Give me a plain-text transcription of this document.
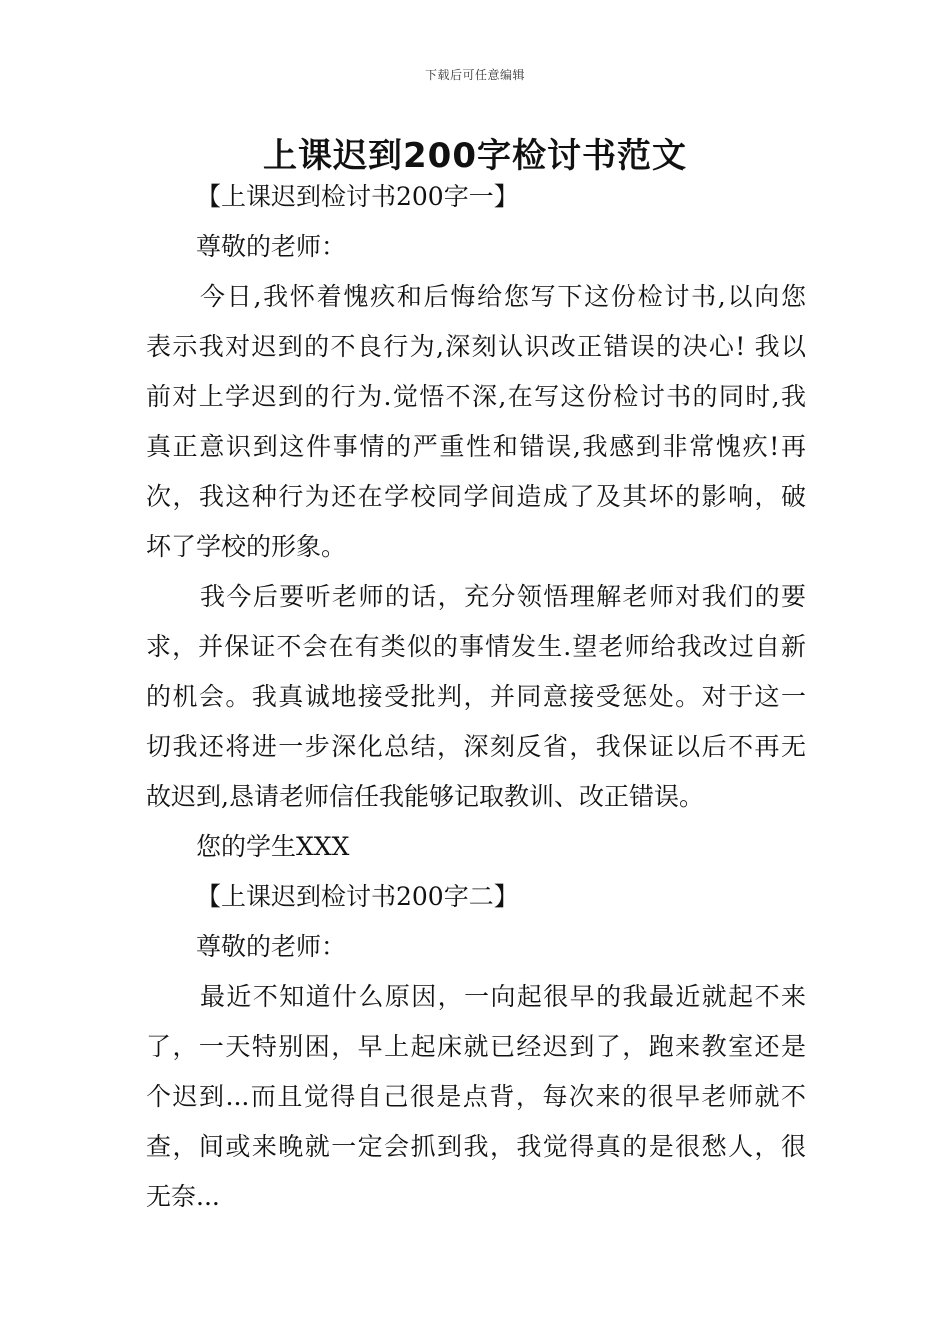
下载后可任意编辑
上课迟到200字检讨书范文
【上课迟到检讨书200字一】
尊敬的老师：
今日,我怀着愧疚和后悔给您写下这份检讨书,以向您
表示我对迟到的不良行为,深刻认识改正错误的决心! 我以
前对上学迟到的行为.觉悟不深,在写这份检讨书的同时,我
真正意识到这件事情的严重性和错误,我感到非常愧疚!再
次，我这种行为还在学校同学间造成了及其坏的影响，破
坏了学校的形象。
我今后要听老师的话，充分领悟理解老师对我们的要
求，并保证不会在有类似的事情发生.望老师给我改过自新
的机会。我真诚地接受批判，并同意接受惩处。对于这一
切我还将进一步深化总结，深刻反省，我保证以后不再无
故迟到,恳请老师信任我能够记取教训、改正错误。
您的学生XXX
【上课迟到检讨书200字二】
尊敬的老师：
最近不知道什么原因，一向起很早的我最近就起不来
了，一天特别困，早上起床就已经迟到了，跑来教室还是
个迟到...而且觉得自己很是点背，每次来的很早老师就不
查，间或来晚就一定会抓到我，我觉得真的是很愁人，很
无奈...
